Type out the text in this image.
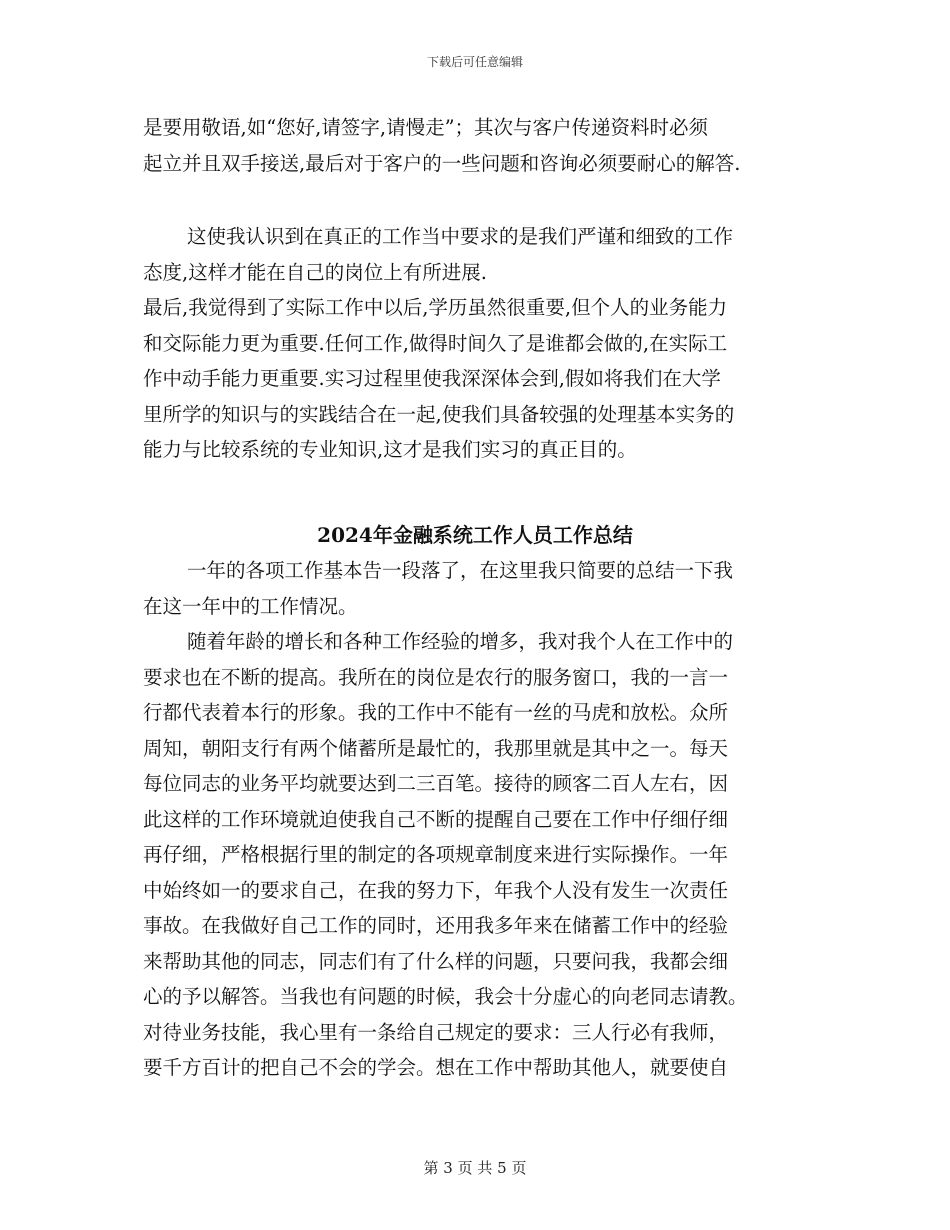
下载后可任意编辑
是要用敬语,如“您好,请签字,请慢走”；其次与客户传递资料时必须
起立并且双手接送,最后对于客户的一些问题和咨询必须要耐心的解答.
这使我认识到在真正的工作当中要求的是我们严谨和细致的工作
态度,这样才能在自己的岗位上有所进展.
最后,我觉得到了实际工作中以后,学历虽然很重要,但个人的业务能力
和交际能力更为重要.任何工作,做得时间久了是谁都会做的,在实际工
作中动手能力更重要.实习过程里使我深深体会到,假如将我们在大学
里所学的知识与的实践结合在一起,使我们具备较强的处理基本实务的
能力与比较系统的专业知识,这才是我们实习的真正目的。
2024年金融系统工作人员工作总结
一年的各项工作基本告一段落了，在这里我只简要的总结一下我
在这一年中的工作情况。
随着年龄的增长和各种工作经验的增多，我对我个人在工作中的
要求也在不断的提高。我所在的岗位是农行的服务窗口，我的一言一
行都代表着本行的形象。我的工作中不能有一丝的马虎和放松。众所
周知，朝阳支行有两个储蓄所是最忙的，我那里就是其中之一。每天
每位同志的业务平均就要达到二三百笔。接待的顾客二百人左右，因
此这样的工作环境就迫使我自己不断的提醒自己要在工作中仔细仔细
再仔细，严格根据行里的制定的各项规章制度来进行实际操作。一年
中始终如一的要求自己，在我的努力下，年我个人没有发生一次责任
事故。在我做好自己工作的同时，还用我多年来在储蓄工作中的经验
来帮助其他的同志，同志们有了什么样的问题，只要问我，我都会细
心的予以解答。当我也有问题的时候，我会十分虚心的向老同志请教。
对待业务技能，我心里有一条给自己规定的要求：三人行必有我师，
要千方百计的把自己不会的学会。想在工作中帮助其他人，就要使自
第 3 页 共 5 页
